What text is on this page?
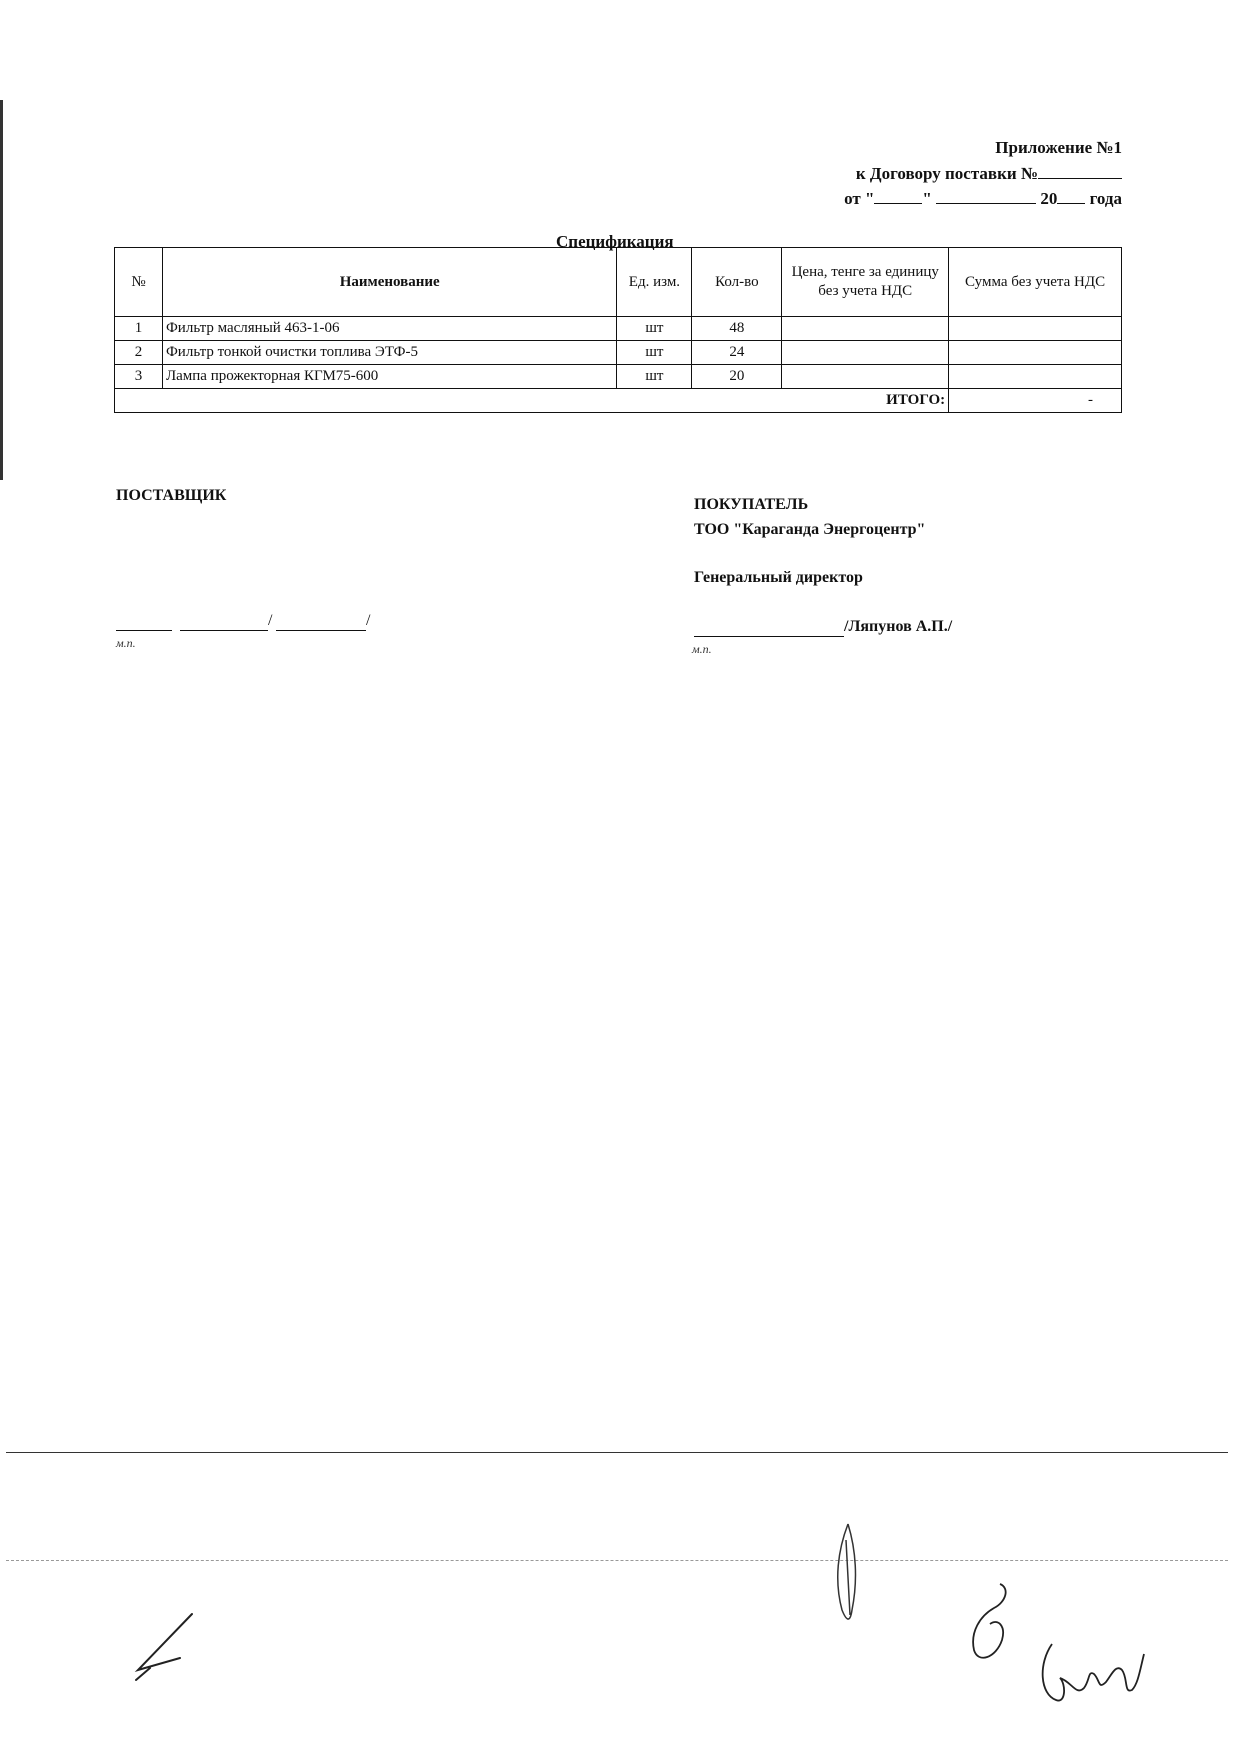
Приложение №1
к Договору поставки №
от "	"	20 года
Спецификация
№	Наименование	Ед. изм.	Кол-во	Цена, тенге за единицу без учета НДС	Сумма без учета НДС
1	Фильтр масляный 463-1-06	шт	48		
2	Фильтр тонкой очистки топлива ЭТФ-5	шт	24		
3	Лампа прожекторная КГМ75-600	шт	20		
ИТОГО:					-
ПОСТАВЩИК
/	/
м.п.
ПОКУПАТЕЛЬ
ТОО "Караганда Энергоцентр"
Генеральный директор
/Ляпунов А.П./
м.п.
